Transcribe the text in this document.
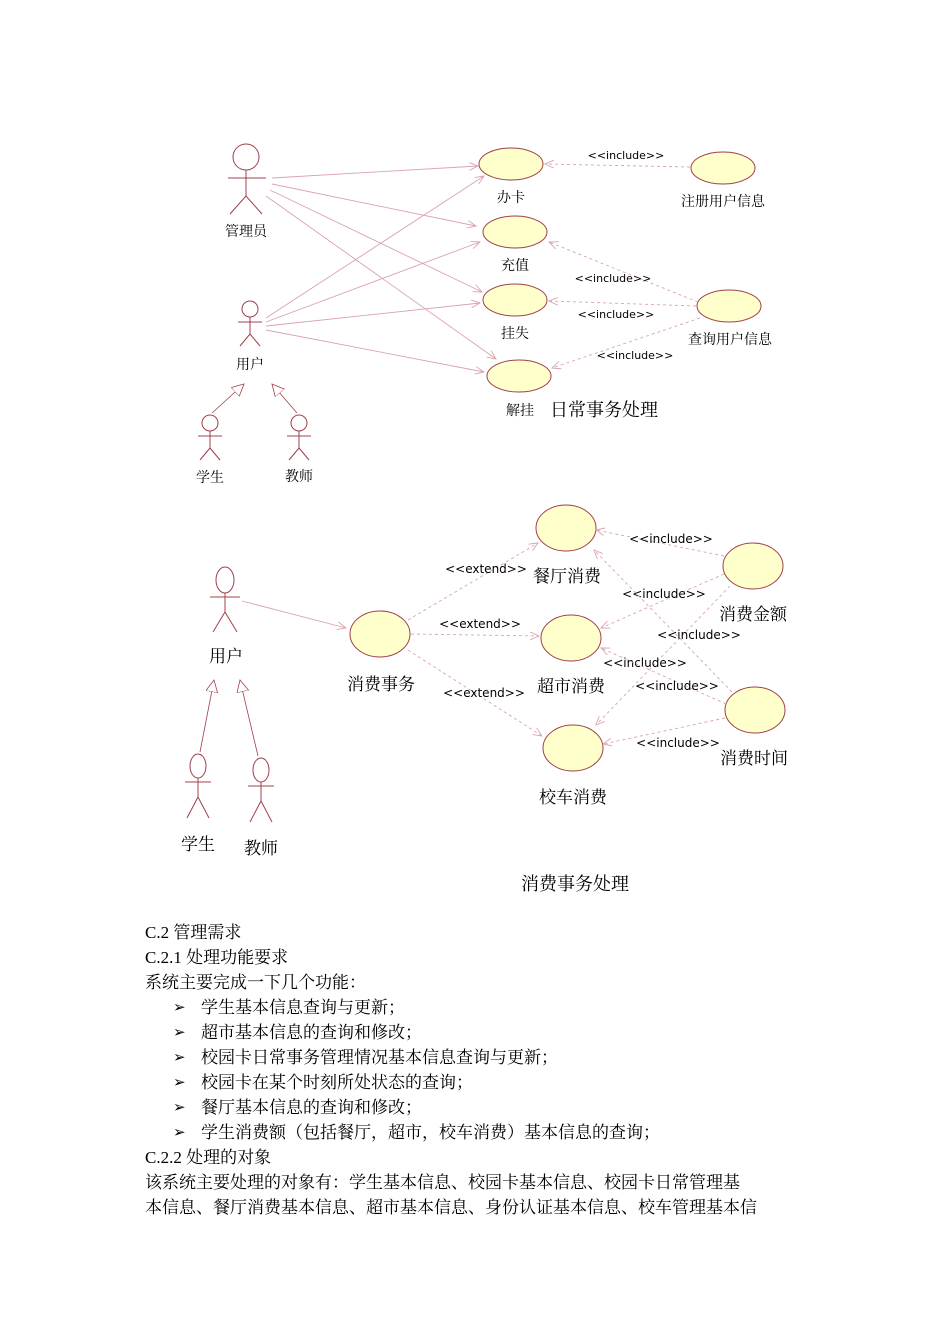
管理员
用户
学生	教师
办卡
充值
挂失
解挂
注册用户信息
查询用户信息
<<include>>
<<include>>
<<include>>
<<include>>
日常事务处理
用户
学生 教师
消费事务
餐厅消费
超市消费
校车消费
消费金额
消费时间
<<extend>>
<<extend>>
<<extend>>
<<include>>
<<include>>
<<include>>
<<include>>
<<include>>
<<include>>
消费事务处理

C.2 管理需求

C.2.1 处理功能要求

系统主要完成一下几个功能：

➢ 学生基本信息查询与更新；
➢ 超市基本信息的查询和修改；
➢ 校园卡日常事务管理情况基本信息查询与更新；
➢ 校园卡在某个时刻所处状态的查询；
➢ 餐厅基本信息的查询和修改；
➢ 学生消费额（包括餐厅，超市，校车消费）基本信息的查询；

C.2.2 处理的对象

该系统主要处理的对象有：学生基本信息、校园卡基本信息、校园卡日常管理基

本信息、餐厅消费基本信息、超市基本信息、身份认证基本信息、校车管理基本信
